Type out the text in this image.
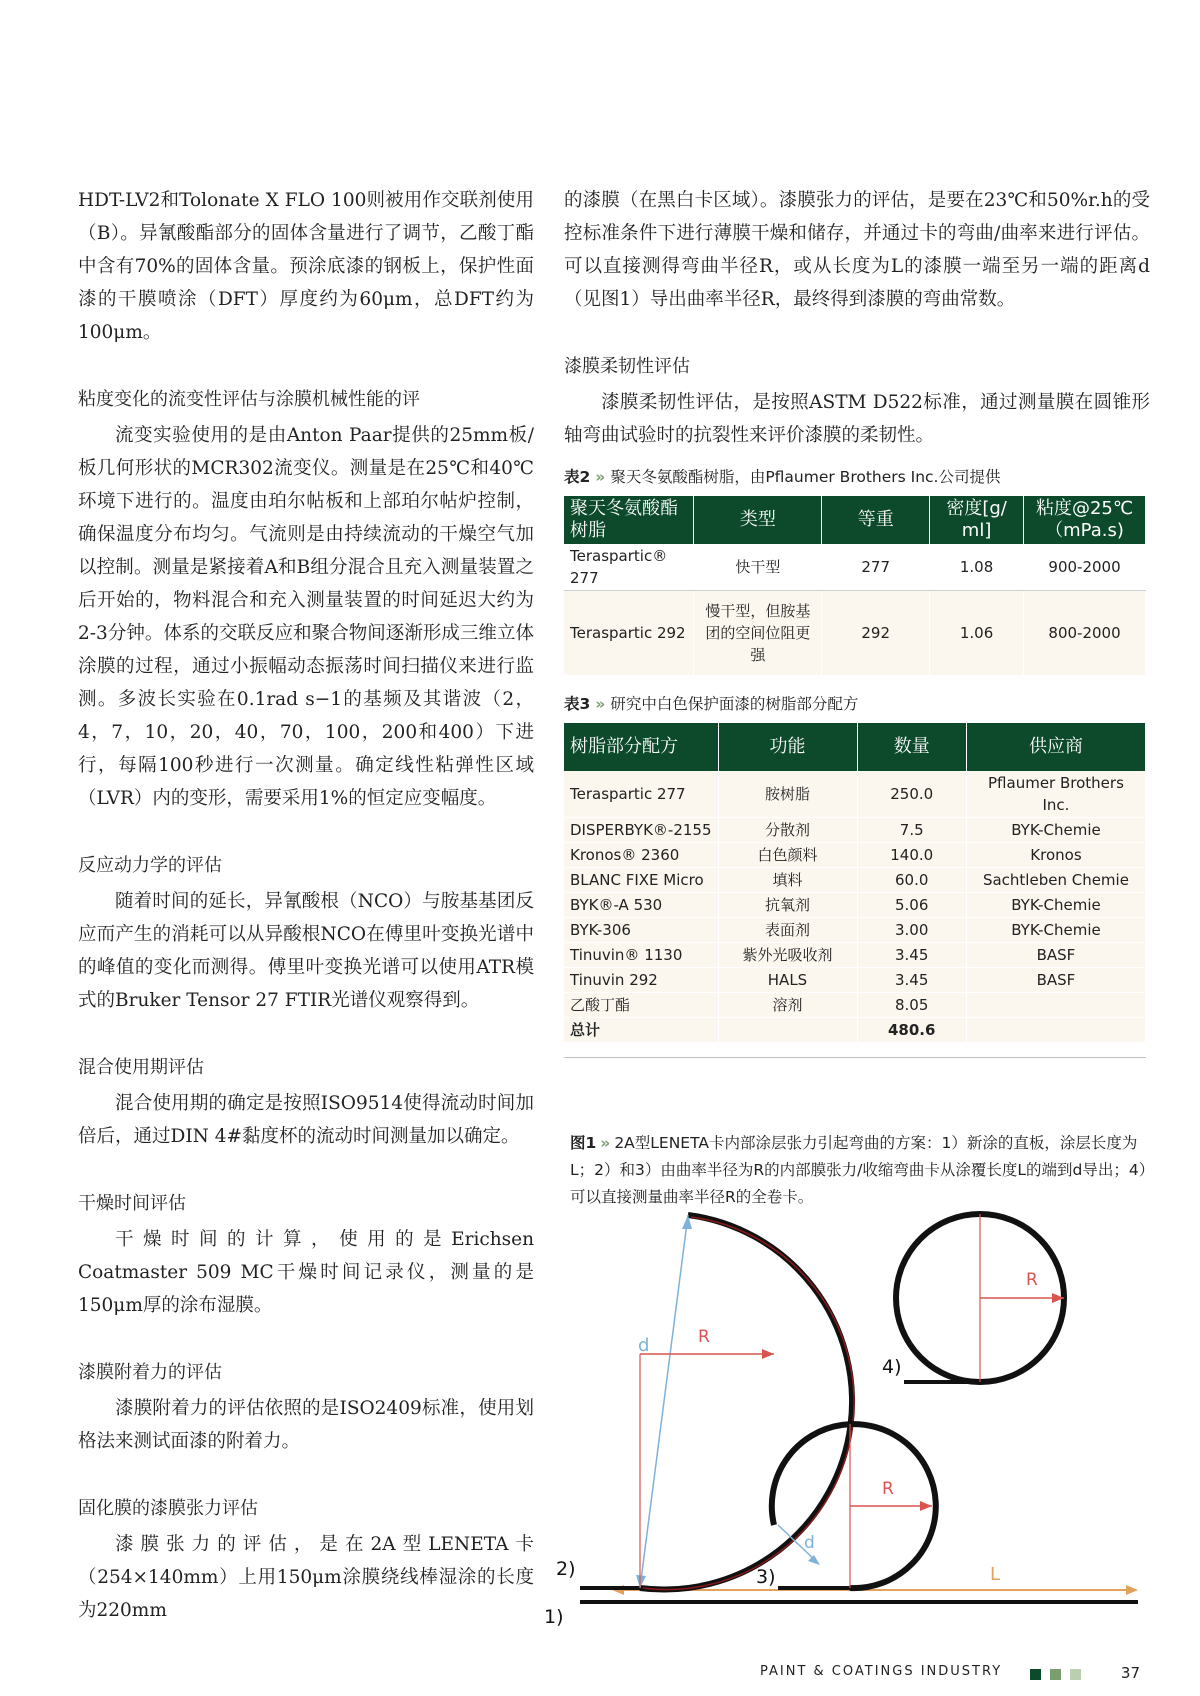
HDT-LV2和Tolonate X FLO 100则被用作交联剂使用（B）。异氰酸酯部分的固体含量进行了调节，乙酸丁酯中含有70%的固体含量。预涂底漆的钢板上，保护性面漆的干膜喷涂（DFT）厚度约为60μm，总DFT约为100μm。

粘度变化的流变性评估与涂膜机械性能的评

流变实验使用的是由Anton Paar提供的25mm板/板几何形状的MCR302流变仪。测量是在25℃和40℃环境下进行的。温度由珀尔帖板和上部珀尔帖炉控制，确保温度分布均匀。气流则是由持续流动的干燥空气加以控制。测量是紧接着A和B组分混合且充入测量装置之后开始的，物料混合和充入测量装置的时间延迟大约为2-3分钟。体系的交联反应和聚合物间逐渐形成三维立体涂膜的过程，通过小振幅动态振荡时间扫描仪来进行监测。多波长实验在0.1rad s−1的基频及其谐波（2，4，7，10，20，40，70，100，200和400）下进行，每隔100秒进行一次测量。确定线性粘弹性区域（LVR）内的变形，需要采用1%的恒定应变幅度。

反应动力学的评估

随着时间的延长，异氰酸根（NCO）与胺基基团反应而产生的消耗可以从异酸根NCO在傅里叶变换光谱中的峰值的变化而测得。傅里叶变换光谱可以使用ATR模式的Bruker Tensor 27 FTIR光谱仪观察得到。

混合使用期评估

混合使用期的确定是按照ISO9514使得流动时间加倍后，通过DIN 4#黏度杯的流动时间测量加以确定。

干燥时间评估

干燥时间的计算，使用的是Erichsen Coatmaster 509 MC干燥时间记录仪，测量的是150μm厚的涂布湿膜。

漆膜附着力的评估

漆膜附着力的评估依照的是ISO2409标准，使用划格法来测试面漆的附着力。

固化膜的漆膜张力评估

漆膜张力的评估，是在2A型LENETA卡（254×140mm）上用150μm涂膜绕线棒湿涂的长度为220mm

的漆膜（在黑白卡区域）。漆膜张力的评估，是要在23℃和50%r.h的受控标准条件下进行薄膜干燥和储存，并通过卡的弯曲/曲率来进行评估。可以直接测得弯曲半径R，或从长度为L的漆膜一端至另一端的距离d（见图1）导出曲率半径R，最终得到漆膜的弯曲常数。

漆膜柔韧性评估

漆膜柔韧性评估，是按照ASTM D522标准，通过测量膜在圆锥形轴弯曲试验时的抗裂性来评价漆膜的柔韧性。

表2 » 聚天冬氨酸酯树脂，由Pflaumer Brothers Inc.公司提供
聚天冬氨酸酯树脂	类型	等重	密度[g/ ml]	粘度@25℃（mPa.s)
Teraspartic® 277	快干型	277	1.08	900-2000
Teraspartic 292	慢干型，但胺基团的空间位阻更强	292	1.06	800-2000
表3 » 研究中白色保护面漆的树脂部分配方
树脂部分配方	功能	数量	供应商
Teraspartic 277	胺树脂	250.0	Pflaumer Brothers Inc.
DISPERBYK®-2155	分散剂	7.5	BYK-Chemie
Kronos® 2360	白色颜料	140.0	Kronos
BLANC FIXE Micro	填料	60.0	Sachtleben Chemie
BYK®-A 530	抗氧剂	5.06	BYK-Chemie
BYK-306	表面剂	3.00	BYK-Chemie
Tinuvin® 1130	紫外光吸收剂	3.45	BASF
Tinuvin 292	HALS	3.45	BASF
乙酸丁酯	溶剂	8.05	
总计		480.6	
图1 » 2A型LENETA卡内部涂层张力引起弯曲的方案：1）新涂的直板，涂层长度为L；2）和3）由曲率半径为R的内部膜张力/收缩弯曲卡从涂覆长度L的端到d导出；4）可以直接测量曲率半径R的全卷卡。
L
1)
d	R
2)
d
R
3)
R
4)
PAINT & COATINGS INDUSTRY	37
